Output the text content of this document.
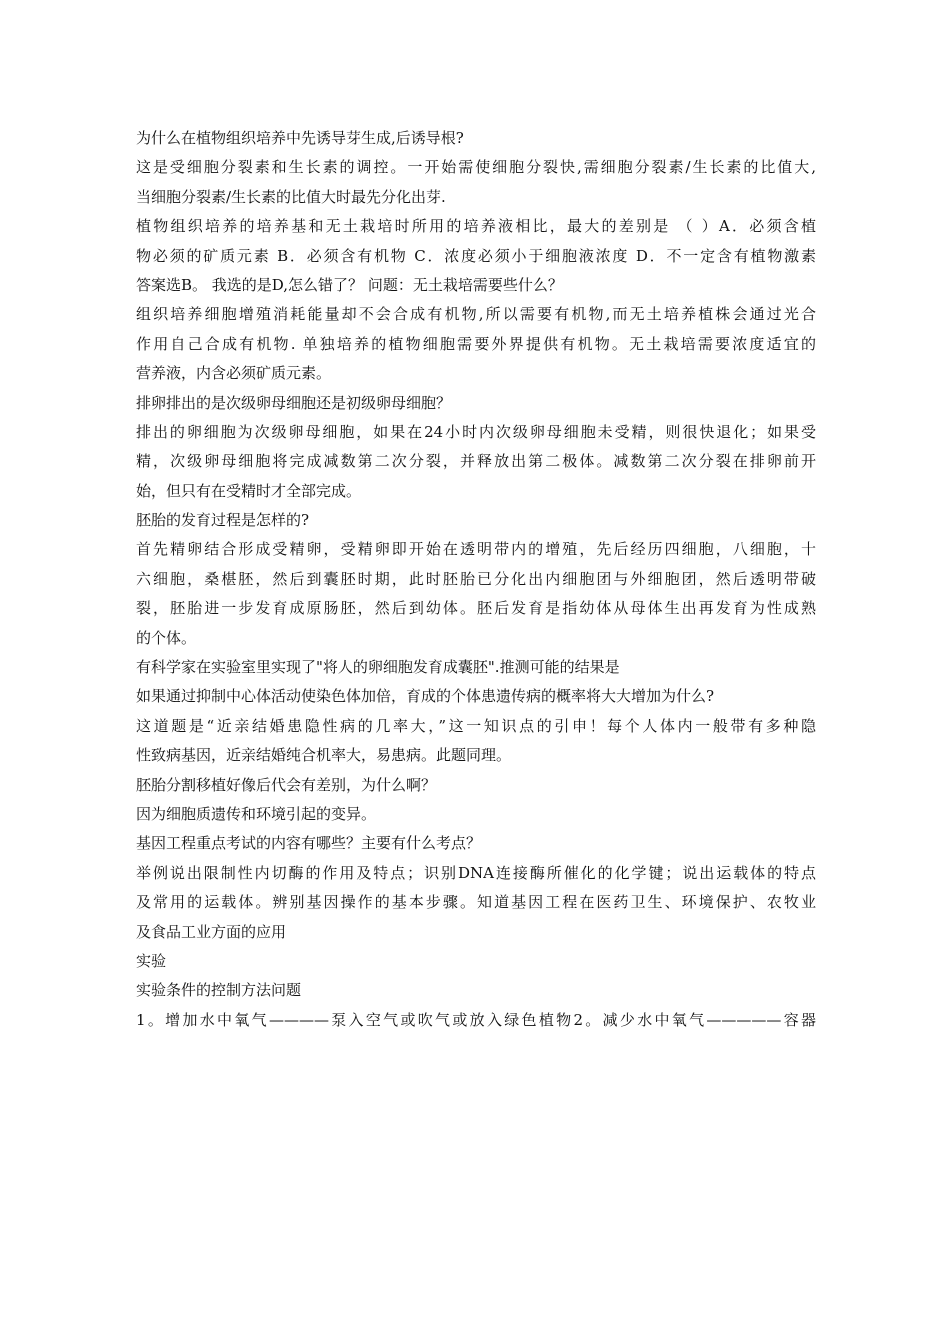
为什么在植物组织培养中先诱导芽生成,后诱导根?
这是受细胞分裂素和生长素的调控。一开始需使细胞分裂快,需细胞分裂素/生长素的比值大,
当细胞分裂素/生长素的比值大时最先分化出芽.
植物组织培养的培养基和无土栽培时所用的培养液相比，最大的差别是 （ ）A．必须含植
物必须的矿质元素 B．必须含有机物 C．浓度必须小于细胞液浓度 D．不一定含有植物激素
答案选B。 我选的是D,怎么错了？ 问题：无土栽培需要些什么？
组织培养细胞增殖消耗能量却不会合成有机物,所以需要有机物,而无土培养植株会通过光合
作用自己合成有机物. 单独培养的植物细胞需要外界提供有机物。无土栽培需要浓度适宜的
营养液，内含必须矿质元素。
排卵排出的是次级卵母细胞还是初级卵母细胞？
排出的卵细胞为次级卵母细胞，如果在24小时内次级卵母细胞未受精，则很快退化；如果受
精，次级卵母细胞将完成减数第二次分裂，并释放出第二极体。减数第二次分裂在排卵前开
始，但只有在受精时才全部完成。
胚胎的发育过程是怎样的?
首先精卵结合形成受精卵，受精卵即开始在透明带内的增殖，先后经历四细胞，八细胞，十
六细胞，桑椹胚，然后到囊胚时期，此时胚胎已分化出内细胞团与外细胞团，然后透明带破
裂，胚胎进一步发育成原肠胚，然后到幼体。胚后发育是指幼体从母体生出再发育为性成熟
的个体。
有科学家在实验室里实现了"将人的卵细胞发育成囊胚".推测可能的结果是
如果通过抑制中心体活动使染色体加倍，育成的个体患遗传病的概率将大大增加为什么?
这道题是“近亲结婚患隐性病的几率大，”这一知识点的引申！每个人体内一般带有多种隐
性致病基因，近亲结婚纯合机率大，易患病。此题同理。
胚胎分割移植好像后代会有差别，为什么啊？
因为细胞质遗传和环境引起的变异。
基因工程重点考试的内容有哪些？主要有什么考点？
举例说出限制性内切酶的作用及特点；识别DNA连接酶所催化的化学键；说出运载体的特点
及常用的运载体。辨别基因操作的基本步骤。知道基因工程在医药卫生、环境保护、农牧业
及食品工业方面的应用
实验
实验条件的控制方法问题
1。增加水中氧气————泵入空气或吹气或放入绿色植物2。减少水中氧气—————容器
